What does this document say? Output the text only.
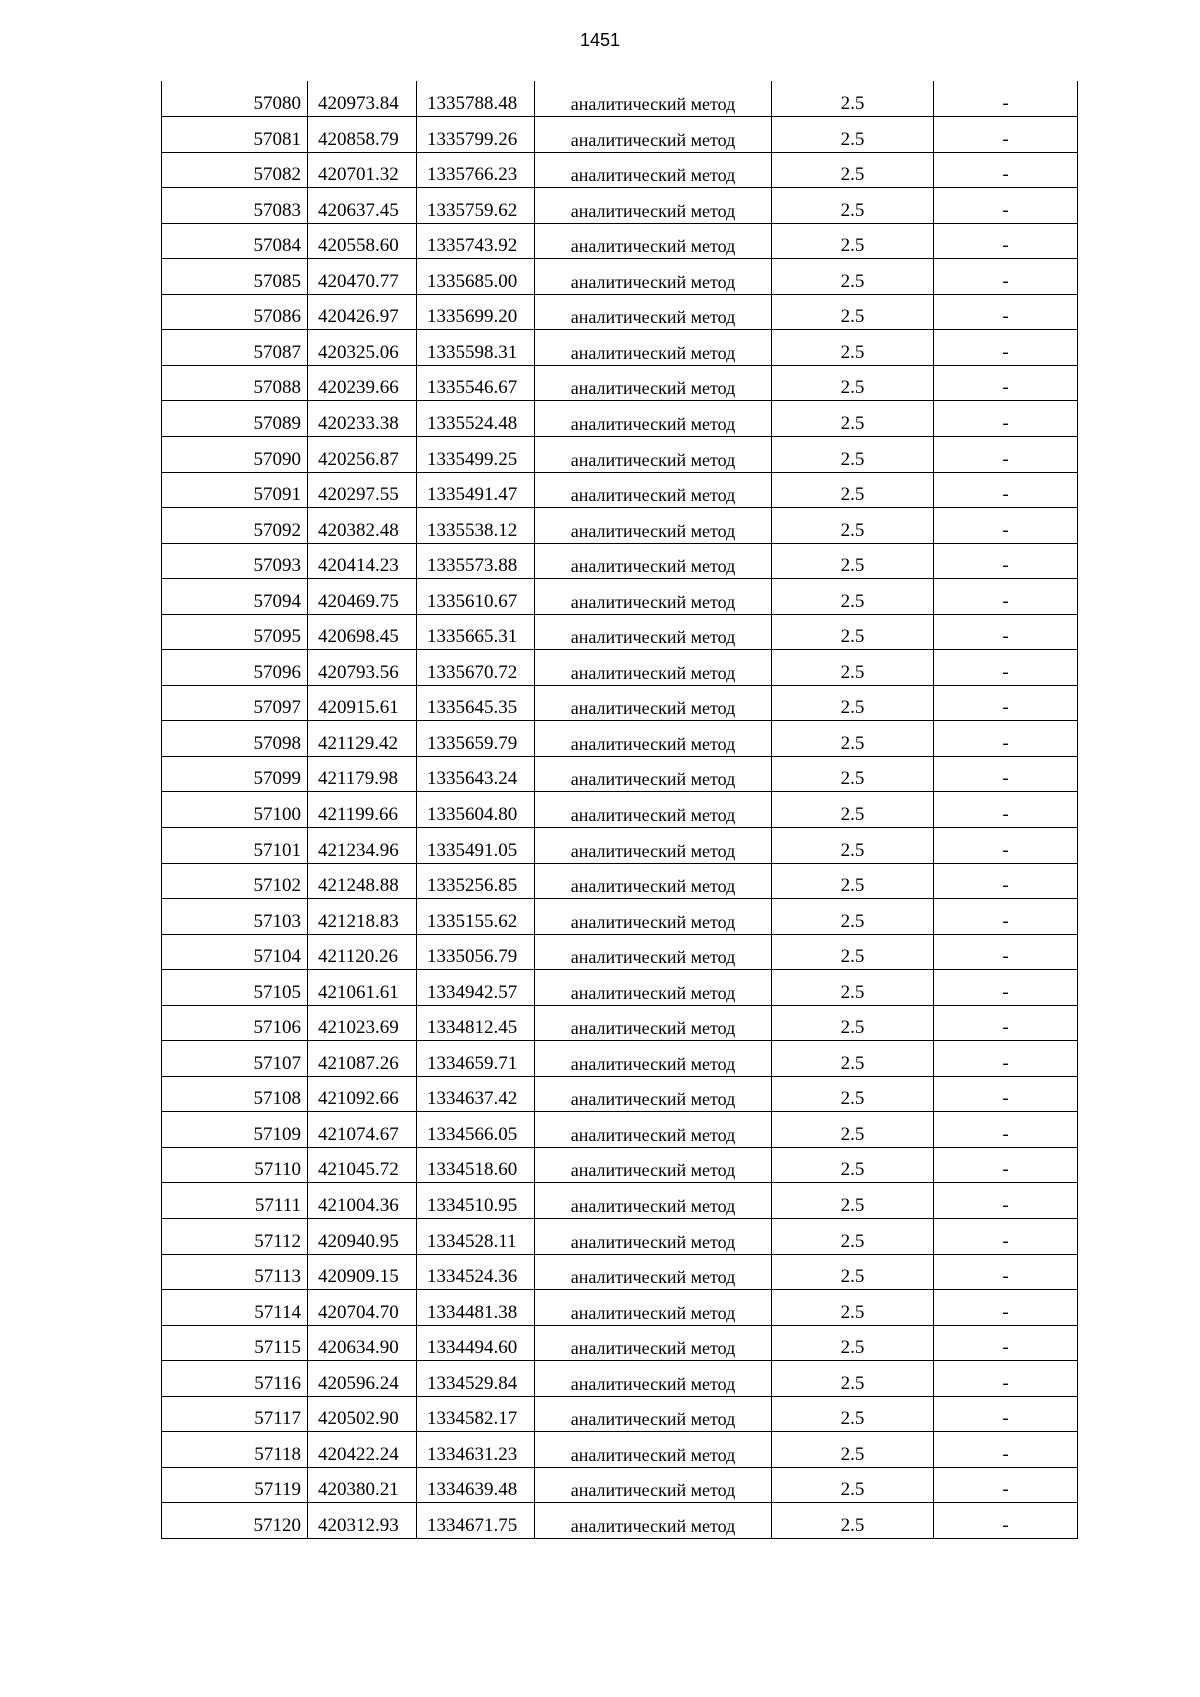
1451
57080	420973.84	1335788.48	аналитический метод	2.5	-
57081	420858.79	1335799.26	аналитический метод	2.5	-
57082	420701.32	1335766.23	аналитический метод	2.5	-
57083	420637.45	1335759.62	аналитический метод	2.5	-
57084	420558.60	1335743.92	аналитический метод	2.5	-
57085	420470.77	1335685.00	аналитический метод	2.5	-
57086	420426.97	1335699.20	аналитический метод	2.5	-
57087	420325.06	1335598.31	аналитический метод	2.5	-
57088	420239.66	1335546.67	аналитический метод	2.5	-
57089	420233.38	1335524.48	аналитический метод	2.5	-
57090	420256.87	1335499.25	аналитический метод	2.5	-
57091	420297.55	1335491.47	аналитический метод	2.5	-
57092	420382.48	1335538.12	аналитический метод	2.5	-
57093	420414.23	1335573.88	аналитический метод	2.5	-
57094	420469.75	1335610.67	аналитический метод	2.5	-
57095	420698.45	1335665.31	аналитический метод	2.5	-
57096	420793.56	1335670.72	аналитический метод	2.5	-
57097	420915.61	1335645.35	аналитический метод	2.5	-
57098	421129.42	1335659.79	аналитический метод	2.5	-
57099	421179.98	1335643.24	аналитический метод	2.5	-
57100	421199.66	1335604.80	аналитический метод	2.5	-
57101	421234.96	1335491.05	аналитический метод	2.5	-
57102	421248.88	1335256.85	аналитический метод	2.5	-
57103	421218.83	1335155.62	аналитический метод	2.5	-
57104	421120.26	1335056.79	аналитический метод	2.5	-
57105	421061.61	1334942.57	аналитический метод	2.5	-
57106	421023.69	1334812.45	аналитический метод	2.5	-
57107	421087.26	1334659.71	аналитический метод	2.5	-
57108	421092.66	1334637.42	аналитический метод	2.5	-
57109	421074.67	1334566.05	аналитический метод	2.5	-
57110	421045.72	1334518.60	аналитический метод	2.5	-
57111	421004.36	1334510.95	аналитический метод	2.5	-
57112	420940.95	1334528.11	аналитический метод	2.5	-
57113	420909.15	1334524.36	аналитический метод	2.5	-
57114	420704.70	1334481.38	аналитический метод	2.5	-
57115	420634.90	1334494.60	аналитический метод	2.5	-
57116	420596.24	1334529.84	аналитический метод	2.5	-
57117	420502.90	1334582.17	аналитический метод	2.5	-
57118	420422.24	1334631.23	аналитический метод	2.5	-
57119	420380.21	1334639.48	аналитический метод	2.5	-
57120	420312.93	1334671.75	аналитический метод	2.5	-
